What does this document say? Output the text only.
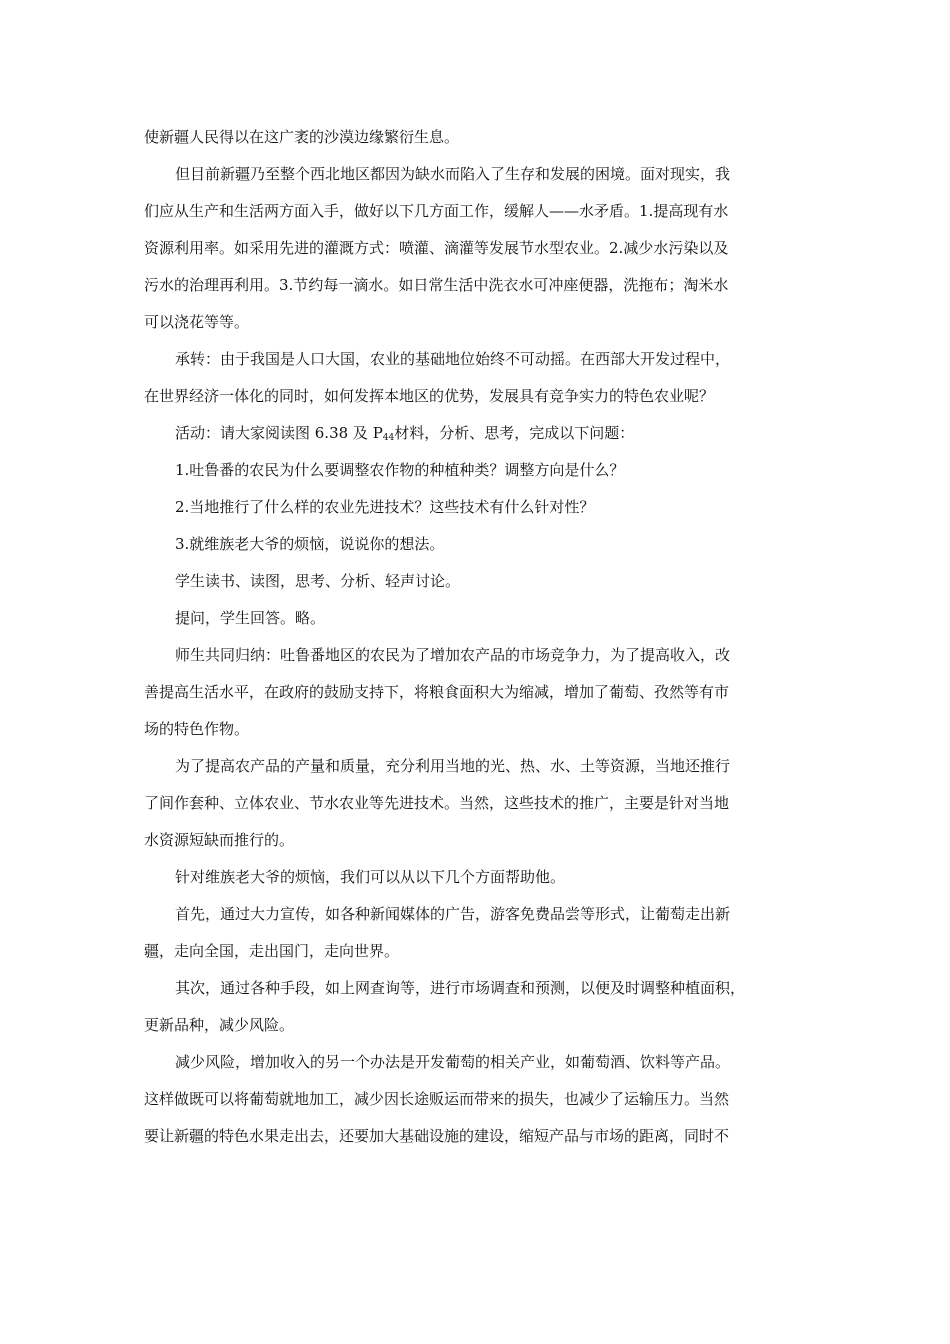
使新疆人民得以在这广袤的沙漠边缘繁衍生息。
但目前新疆乃至整个西北地区都因为缺水而陷入了生存和发展的困境。面对现实，我
们应从生产和生活两方面入手，做好以下几方面工作，缓解人——水矛盾。1.提高现有水
资源利用率。如采用先进的灌溉方式：喷灌、滴灌等发展节水型农业。2.减少水污染以及
污水的治理再利用。3.节约每一滴水。如日常生活中洗衣水可冲座便器，洗拖布；淘米水
可以浇花等等。
承转：由于我国是人口大国，农业的基础地位始终不可动摇。在西部大开发过程中，
在世界经济一体化的同时，如何发挥本地区的优势，发展具有竞争实力的特色农业呢？
活动：请大家阅读图 6.38 及 $P_{44}$材料，分析、思考，完成以下问题：
1.吐鲁番的农民为什么要调整农作物的种植种类？调整方向是什么？
2.当地推行了什么样的农业先进技术？这些技术有什么针对性？
3.就维族老大爷的烦恼，说说你的想法。
学生读书、读图，思考、分析、轻声讨论。
提问，学生回答。略。
师生共同归纳：吐鲁番地区的农民为了增加农产品的市场竞争力，为了提高收入，改
善提高生活水平，在政府的鼓励支持下，将粮食面积大为缩减，增加了葡萄、孜然等有市
场的特色作物。
为了提高农产品的产量和质量，充分利用当地的光、热、水、土等资源，当地还推行
了间作套种、立体农业、节水农业等先进技术。当然，这些技术的推广，主要是针对当地
水资源短缺而推行的。
针对维族老大爷的烦恼，我们可以从以下几个方面帮助他。
首先，通过大力宣传，如各种新闻媒体的广告，游客免费品尝等形式，让葡萄走出新
疆，走向全国，走出国门，走向世界。
其次，通过各种手段，如上网查询等，进行市场调查和预测，以便及时调整种植面积，
更新品种，减少风险。
减少风险，增加收入的另一个办法是开发葡萄的相关产业，如葡萄酒、饮料等产品。
这样做既可以将葡萄就地加工，减少因长途贩运而带来的损失，也减少了运输压力。当然
要让新疆的特色水果走出去，还要加大基础设施的建设，缩短产品与市场的距离，同时不
